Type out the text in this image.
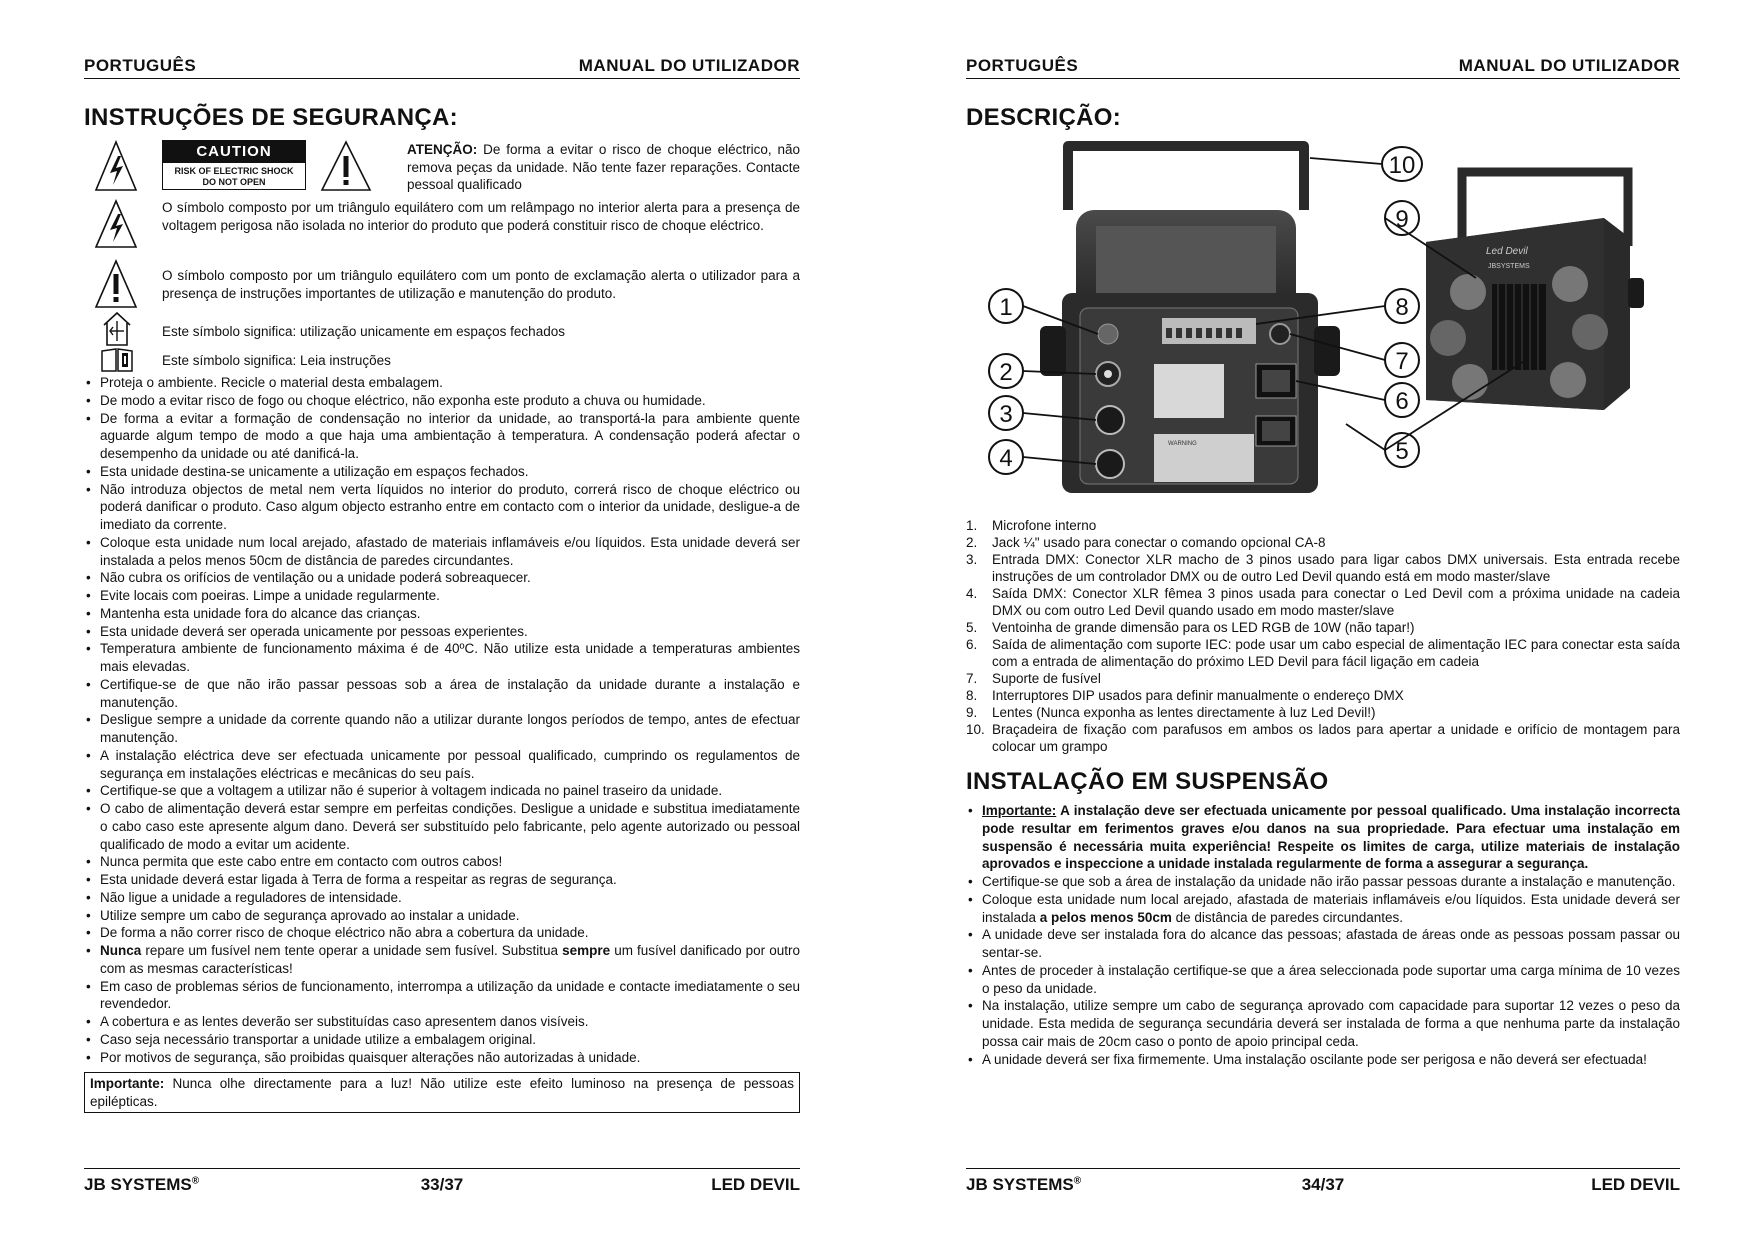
PORTUGUÊS	MANUAL DO UTILIZADOR
INSTRUÇÕES DE SEGURANÇA:
CAUTION
RISK OF ELECTRIC SHOCK
DO NOT OPEN
ATENÇÃO: De forma a evitar o risco de choque eléctrico, não remova peças da unidade. Não tente fazer reparações. Contacte pessoal qualificado
O símbolo composto por um triângulo equilátero com um relâmpago no interior alerta para a presença de voltagem perigosa não isolada no interior do produto que poderá constituir risco de choque eléctrico.
O símbolo composto por um triângulo equilátero com um ponto de exclamação alerta o utilizador para a presença de instruções importantes de utilização e manutenção do produto.
Este símbolo significa: utilização unicamente em espaços fechados
Este símbolo significa: Leia instruções
• Proteja o ambiente. Recicle o material desta embalagem.
• De modo a evitar risco de fogo ou choque eléctrico, não exponha este produto a chuva ou humidade.
• De forma a evitar a formação de condensação no interior da unidade, ao transportá-la para ambiente quente aguarde algum tempo de modo a que haja uma ambientação à temperatura. A condensação poderá afectar o desempenho da unidade ou até danificá-la.
• Esta unidade destina-se unicamente a utilização em espaços fechados.
• Não introduza objectos de metal nem verta líquidos no interior do produto, correrá risco de choque eléctrico ou poderá danificar o produto. Caso algum objecto estranho entre em contacto com o interior da unidade, desligue-a de imediato da corrente.
• Coloque esta unidade num local arejado, afastado de materiais inflamáveis e/ou líquidos. Esta unidade deverá ser instalada a pelos menos 50cm de distância de paredes circundantes.
• Não cubra os orifícios de ventilação ou a unidade poderá sobreaquecer.
• Evite locais com poeiras. Limpe a unidade regularmente.
• Mantenha esta unidade fora do alcance das crianças.
• Esta unidade deverá ser operada unicamente por pessoas experientes.
• Temperatura ambiente de funcionamento máxima é de 40ºC. Não utilize esta unidade a temperaturas ambientes mais elevadas.
• Certifique-se de que não irão passar pessoas sob a área de instalação da unidade durante a instalação e manutenção.
• Desligue sempre a unidade da corrente quando não a utilizar durante longos períodos de tempo, antes de efectuar manutenção.
• A instalação eléctrica deve ser efectuada unicamente por pessoal qualificado, cumprindo os regulamentos de segurança em instalações eléctricas e mecânicas do seu país.
• Certifique-se que a voltagem a utilizar não é superior à voltagem indicada no painel traseiro da unidade.
• O cabo de alimentação deverá estar sempre em perfeitas condições. Desligue a unidade e substitua imediatamente o cabo caso este apresente algum dano. Deverá ser substituído pelo fabricante, pelo agente autorizado ou pessoal qualificado de modo a evitar um acidente.
• Nunca permita que este cabo entre em contacto com outros cabos!
• Esta unidade deverá estar ligada à Terra de forma a respeitar as regras de segurança.
• Não ligue a unidade a reguladores de intensidade.
• Utilize sempre um cabo de segurança aprovado ao instalar a unidade.
• De forma a não correr risco de choque eléctrico não abra a cobertura da unidade.
• Nunca repare um fusível nem tente operar a unidade sem fusível. Substitua sempre um fusível danificado por outro com as mesmas características!
• Em caso de problemas sérios de funcionamento, interrompa a utilização da unidade e contacte imediatamente o seu revendedor.
• A cobertura e as lentes deverão ser substituídas caso apresentem danos visíveis.
• Caso seja necessário transportar a unidade utilize a embalagem original.
• Por motivos de segurança, são proibidas quaisquer alterações não autorizadas à unidade.
Importante: Nunca olhe directamente para a luz! Não utilize este efeito luminoso na presença de pessoas epilépticas.
JB SYSTEMS®	33/37	LED DEVIL
PORTUGUÊS	MANUAL DO UTILIZADOR
DESCRIÇÃO:
WARNING
Led Devil
JBSYSTEMS
1
2
3
4	5
6
7
8
9
10
1. Microfone interno
2. Jack ¼" usado para conectar o comando opcional CA-8
3. Entrada DMX: Conector XLR macho de 3 pinos usado para ligar cabos DMX universais. Esta entrada recebe instruções de um controlador DMX ou de outro Led Devil quando está em modo master/slave
4. Saída DMX: Conector XLR fêmea 3 pinos usada para conectar o Led Devil com a próxima unidade na cadeia DMX ou com outro Led Devil quando usado em modo master/slave
5. Ventoinha de grande dimensão para os LED RGB de 10W (não tapar!)
6. Saída de alimentação com suporte IEC: pode usar um cabo especial de alimentação IEC para conectar esta saída com a entrada de alimentação do próximo LED Devil para fácil ligação em cadeia
7. Suporte de fusível
8. Interruptores DIP usados para definir manualmente o endereço DMX
9. Lentes (Nunca exponha as lentes directamente à luz Led Devil!)
10. Braçadeira de fixação com parafusos em ambos os lados para apertar a unidade e orifício de montagem para colocar um grampo
INSTALAÇÃO EM SUSPENSÃO
• Importante: A instalação deve ser efectuada unicamente por pessoal qualificado. Uma instalação incorrecta pode resultar em ferimentos graves e/ou danos na sua propriedade. Para efectuar uma instalação em suspensão é necessária muita experiência! Respeite os limites de carga, utilize materiais de instalação aprovados e inspeccione a unidade instalada regularmente de forma a assegurar a segurança.
• Certifique-se que sob a área de instalação da unidade não irão passar pessoas durante a instalação e manutenção.
• Coloque esta unidade num local arejado, afastada de materiais inflamáveis e/ou líquidos. Esta unidade deverá ser instalada a pelos menos 50cm de distância de paredes circundantes.
• A unidade deve ser instalada fora do alcance das pessoas; afastada de áreas onde as pessoas possam passar ou sentar-se.
• Antes de proceder à instalação certifique-se que a área seleccionada pode suportar uma carga mínima de 10 vezes o peso da unidade.
• Na instalação, utilize sempre um cabo de segurança aprovado com capacidade para suportar 12 vezes o peso da unidade. Esta medida de segurança secundária deverá ser instalada de forma a que nenhuma parte da instalação possa cair mais de 20cm caso o ponto de apoio principal ceda.
• A unidade deverá ser fixa firmemente. Uma instalação oscilante pode ser perigosa e não deverá ser efectuada!
JB SYSTEMS®	34/37	LED DEVIL
